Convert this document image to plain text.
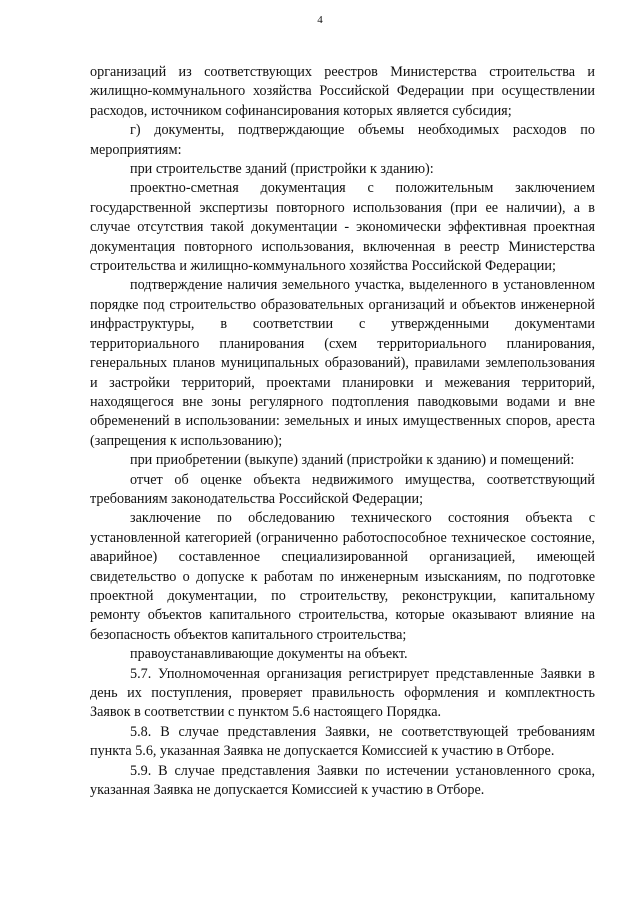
4

организаций из соответствующих реестров Министерства строительства и жилищно-коммунального хозяйства Российской Федерации при осуществлении расходов, источником софинансирования которых является субсидия;

г) документы, подтверждающие объемы необходимых расходов по мероприятиям:

при строительстве зданий (пристройки к зданию):

проектно-сметная документация с положительным заключением государственной экспертизы повторного использования (при ее наличии), а в случае отсутствия такой документации - экономически эффективная проектная документация повторного использования, включенная в реестр Министерства строительства и жилищно-коммунального хозяйства Российской Федерации;

подтверждение наличия земельного участка, выделенного в установленном порядке под строительство образовательных организаций и объектов инженерной инфраструктуры, в соответствии с утвержденными документами территориального планирования (схем территориального планирования, генеральных планов муниципальных образований), правилами землепользования и застройки территорий, проектами планировки и межевания территорий, находящегося вне зоны регулярного подтопления паводковыми водами и вне обременений в использовании: земельных и иных имущественных споров, ареста (запрещения к использованию);

при приобретении (выкупе) зданий (пристройки к зданию) и помещений:

отчет об оценке объекта недвижимого имущества, соответствующий требованиям законодательства Российской Федерации;

заключение по обследованию технического состояния объекта с установленной категорией (ограниченно работоспособное техническое состояние, аварийное) составленное специализированной организацией, имеющей свидетельство о допуске к работам по инженерным изысканиям, по подготовке проектной документации, по строительству, реконструкции, капитальному ремонту объектов капитального строительства, которые оказывают влияние на безопасность объектов капитального строительства;

правоустанавливающие документы на объект.

5.7. Уполномоченная организация регистрирует представленные Заявки в день их поступления, проверяет правильность оформления и комплектность Заявок в соответствии с пунктом 5.6 настоящего Порядка.

5.8. В случае представления Заявки, не соответствующей требованиям пункта 5.6, указанная Заявка не допускается Комиссией к участию в Отборе.

5.9. В случае представления Заявки по истечении установленного срока, указанная Заявка не допускается Комиссией к участию в Отборе.
